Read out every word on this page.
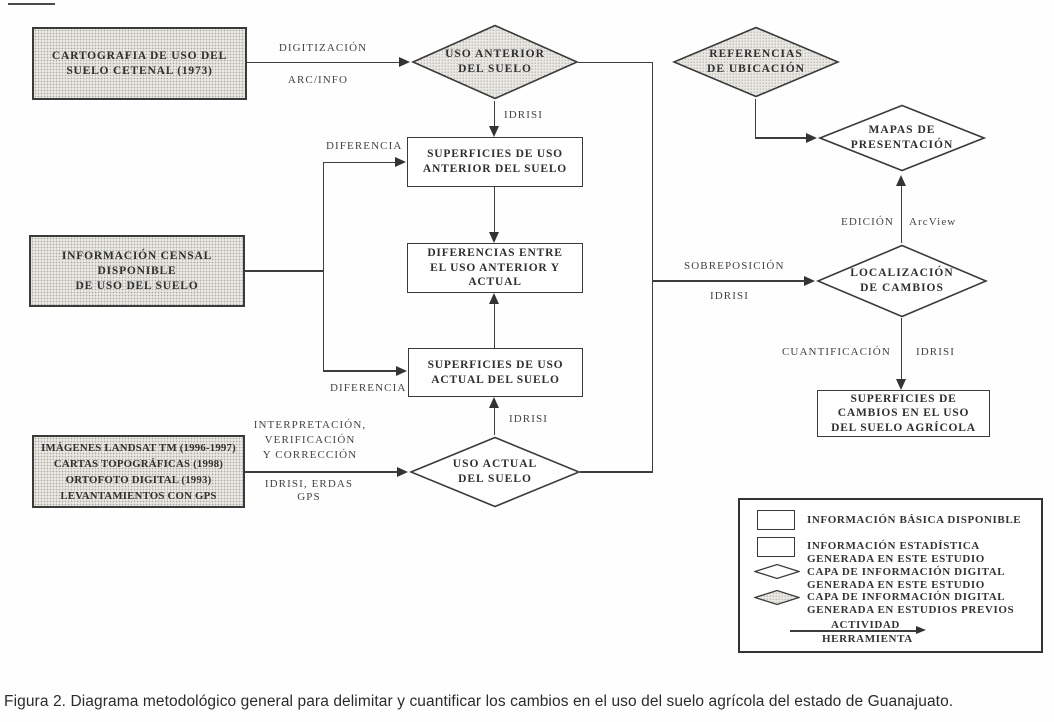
CARTOGRAFIA DE USO DEL
SUELO CETENAL (1973)
INFORMACIÓN CENSAL
DISPONIBLE
DE USO DEL SUELO
IMÁGENES LANDSAT TM (1996-1997)
CARTAS TOPOGRÁFICAS (1998)
ORTOFOTO DIGITAL (1993)
LEVANTAMIENTOS CON GPS
SUPERFICIES DE USO
ANTERIOR DEL SUELO
DIFERENCIAS ENTRE
EL USO ANTERIOR Y
ACTUAL
SUPERFICIES DE USO
ACTUAL DEL SUELO
SUPERFICIES DE
CAMBIOS EN EL USO
DEL SUELO AGRÍCOLA
USO ANTERIOR
DEL SUELO
REFERENCIAS
DE UBICACIÓN
MAPAS DE
PRESENTACIÓN
LOCALIZACIÓN
DE CAMBIOS
USO ACTUAL
DEL SUELO
DIGITIZACIÓN
ARC/INFO
IDRISI
DIFERENCIA
DIFERENCIA
INTERPRETACIÓN,
VERIFICACIÓN
Y CORRECCIÓN
IDRISI, ERDAS
GPS
IDRISI
SOBREPOSICIÓN
IDRISI
EDICIÓN ArcView
CUANTIFICACIÓN IDRISI
INFORMACIÓN BÁSICA DISPONIBLE
INFORMACIÓN ESTADÍSTICA
GENERADA EN ESTE ESTUDIO
CAPA DE INFORMACIÓN DIGITAL
GENERADA EN ESTE ESTUDIO
CAPA DE INFORMACIÓN DIGITAL
GENERADA EN ESTUDIOS PREVIOS
ACTIVIDAD
HERRAMIENTA
Figura 2. Diagrama metodológico general para delimitar y cuantificar los cambios en el uso del suelo agrícola del estado de Guanajuato.
